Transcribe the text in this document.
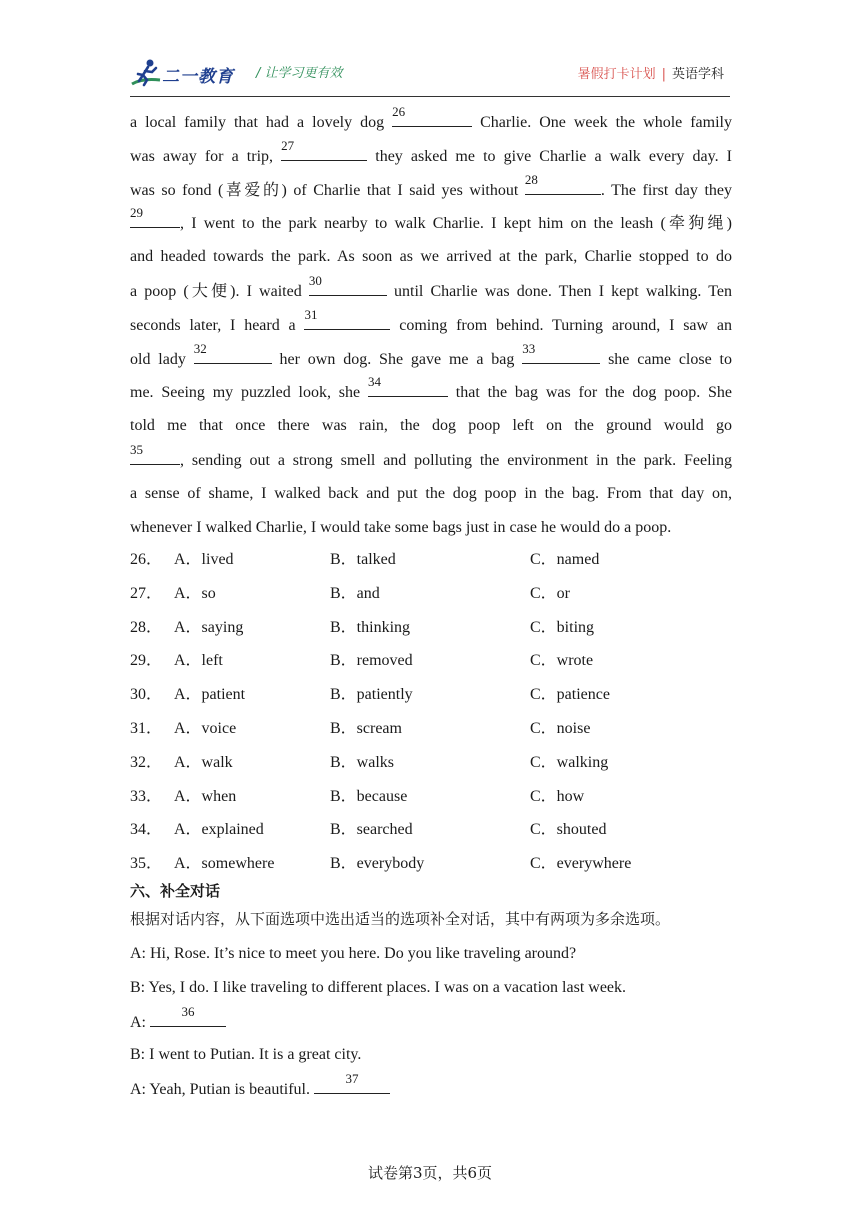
二一教育 / 让学习更有效	暑假打卡计划 | 英语学科
a local family that had a lovely dog
26
Charlie. One week the whole family
was away for a trip,
27
they asked me to give Charlie a walk every day. I
was so fond (喜爱的) of Charlie that I said yes without
28
. The first day they
29
, I went to the park nearby to walk Charlie. I kept him on the leash (牵狗绳)
and headed towards the park. As soon as we arrived at the park, Charlie stopped to do
a poop (大便). I waited
30
until Charlie was done. Then I kept walking. Ten
seconds later, I heard a
31
coming from behind. Turning around, I saw an
old lady
32
her own dog. She gave me a bag
33
she came close to
me. Seeing my puzzled look, she
34
that the bag was for the dog poop. She
told me that once there was rain, the dog poop left on the ground would go
35
, sending out a strong smell and polluting the environment in the park. Feeling
a sense of shame, I walked back and put the dog poop in the bag. From that day on,
whenever I walked Charlie, I would take some bags just in case he would do a poop.
26． A．lived	B．talked	C．named
27． A．so	B．and	C．or
28． A．saying	B．thinking	C．biting
29． A．left	B．removed	C．wrote
30． A．patient	B．patiently	C．patience
31． A．voice	B．scream	C．noise
32． A．walk	B．walks	C．walking
33． A．when	B．because	C．how
34． A．explained	B．searched	C．shouted
35． A．somewhere	B．everybody	C．everywhere
六、补全对话
根据对话内容，从下面选项中选出适当的选项补全对话，其中有两项为多余选项。
A: Hi, Rose. It’s nice to meet you here. Do you like traveling around?
B: Yes, I do. I like traveling to different places. I was on a vacation last week.
A:
36
B: I went to Putian. It is a great city.
A: Yeah, Putian is beautiful.
37
试卷第3页，共6页
